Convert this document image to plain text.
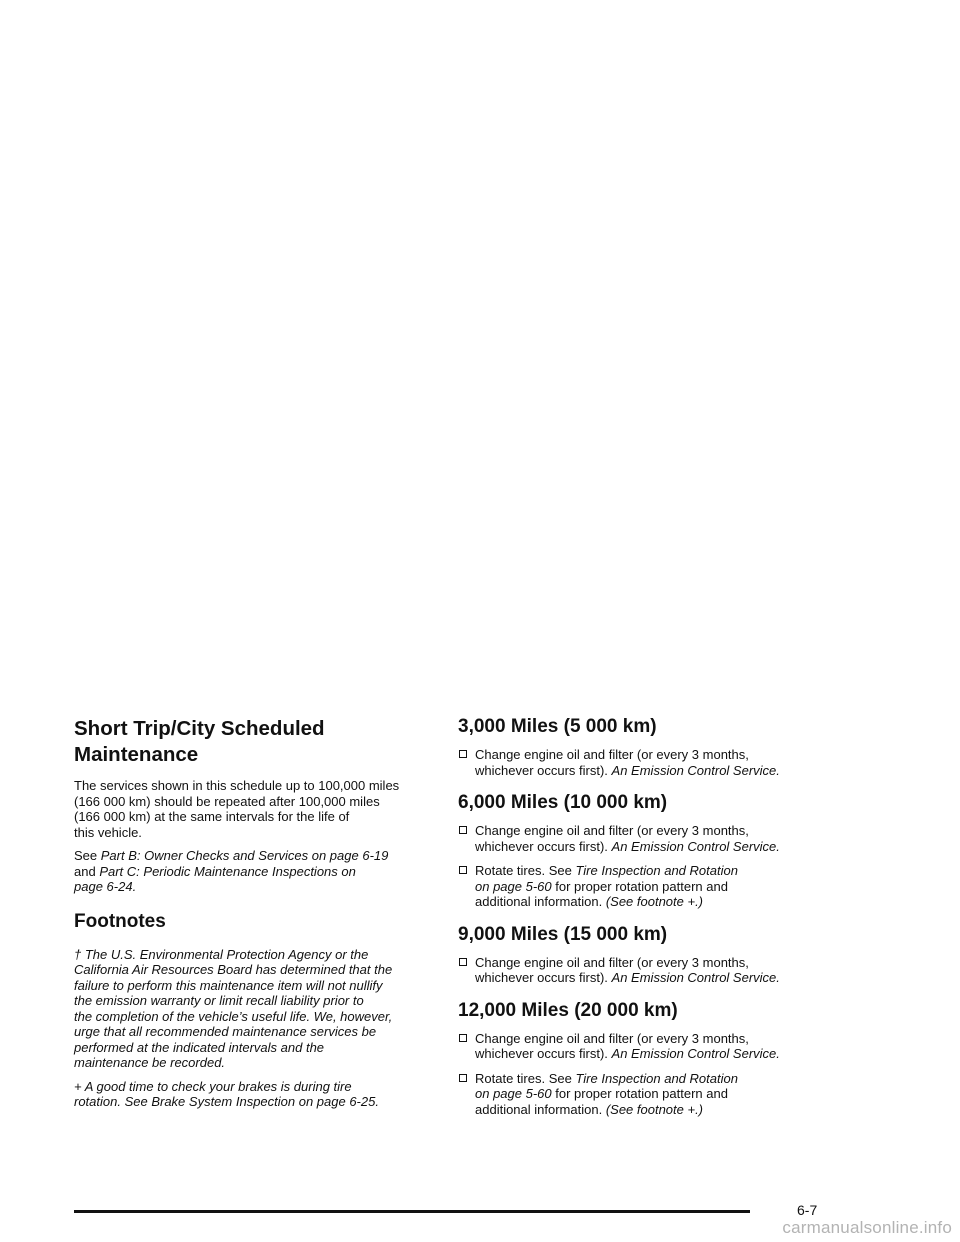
Short Trip/City Scheduled
Maintenance

The services shown in this schedule up to 100,000 miles
(166 000 km) should be repeated after 100,000 miles
(166 000 km) at the same intervals for the life of
this vehicle.

See Part B: Owner Checks and Services on page 6-19
and Part C: Periodic Maintenance Inspections on
page 6-24.

Footnotes

† The U.S. Environmental Protection Agency or the
California Air Resources Board has determined that the
failure to perform this maintenance item will not nullify
the emission warranty or limit recall liability prior to
the completion of the vehicle’s useful life. We, however,
urge that all recommended maintenance services be
performed at the indicated intervals and the
maintenance be recorded.

+ A good time to check your brakes is during tire
rotation. See Brake System Inspection on page 6-25.

3,000 Miles (5 000 km)
Change engine oil and filter (or every 3 months,
whichever occurs first). An Emission Control Service.
6,000 Miles (10 000 km)
Change engine oil and filter (or every 3 months,
whichever occurs first). An Emission Control Service.
Rotate tires. See Tire Inspection and Rotation
on page 5-60 for proper rotation pattern and
additional information. (See footnote +.)
9,000 Miles (15 000 km)
Change engine oil and filter (or every 3 months,
whichever occurs first). An Emission Control Service.
12,000 Miles (20 000 km)
Change engine oil and filter (or every 3 months,
whichever occurs first). An Emission Control Service.
Rotate tires. See Tire Inspection and Rotation
on page 5-60 for proper rotation pattern and
additional information. (See footnote +.)
6-7
carmanualsonline.info
